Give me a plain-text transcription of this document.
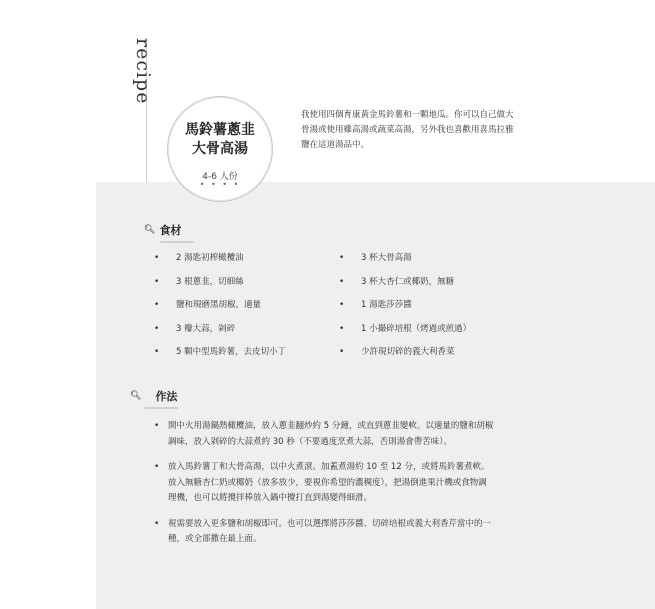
recipe
馬鈴薯蔥韭
大骨高湯
4-6 人份
• • • •
我使用四個育康黃金馬鈴薯和一顆地瓜。你可以自己做大骨湯或使用雞高湯或蔬菜高湯，另外我也喜歡用喜馬拉雅鹽在這道湯品中。
🔍︎ 食材
• 2 湯匙初榨橄欖油
• 3 根蔥韭，切細絲
• 鹽和現磨黑胡椒，適量
• 3 瓣大蒜，剁碎
• 5 顆中型馬鈴薯，去皮切小丁
• 3 杯大骨高湯
• 3 杯大杏仁或椰奶，無糖
• 1 湯匙莎莎醬
• 1 小撮碎培根（烤過或煎過）
• 少許現切碎的義大利香菜
🔍︎ 作法
• 開中火用湯鍋熱橄欖油，放入蔥韭翻炒約 5 分鐘，或直到蔥韭變軟。以適量的鹽和胡椒調味，放入剁碎的大蒜煮約 30 秒（不要過度烹煮大蒜，否則湯會帶苦味）。
• 放入馬鈴薯丁和大骨高湯，以中火煮滾。加蓋煮湯約 10 至 12 分，或將馬鈴薯煮軟。放入無糖杏仁奶或椰奶（放多放少，要視你希望的濃稠度），把湯倒進果汁機或食物調理機，也可以將攪拌棒放入鍋中攪打直到湯變得細滑。
• 視需要放入更多鹽和胡椒即可。也可以選擇將莎莎醬、切碎培根或義大利香芹當中的一種，或全部撒在最上面。
